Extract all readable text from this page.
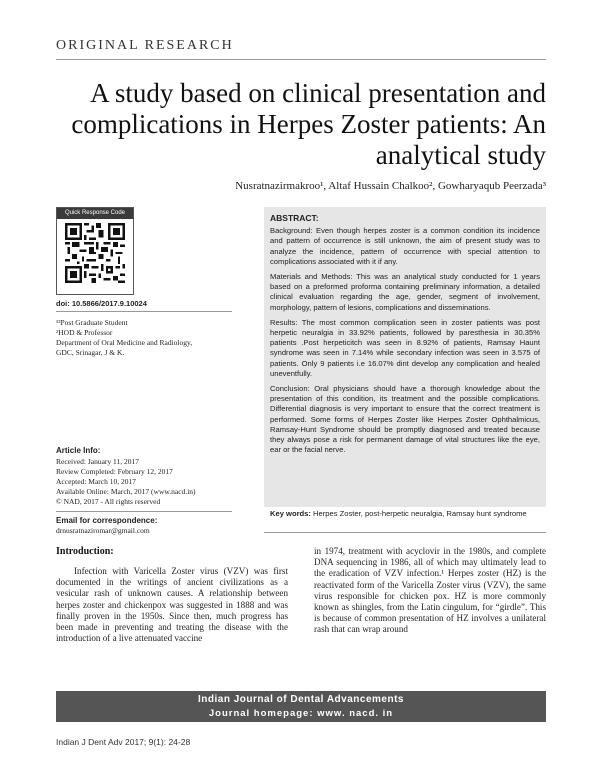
ORIGINAL RESEARCH
A study based on clinical presentation and complications in Herpes Zoster patients: An analytical study
Nusratnazirmakroo¹, Altaf Hussain Chalkoo², Gowharyaqub Peerzada³
Quick Response Code
doi: 10.5866/2017.9.10024
¹³Post Graduate Student
²HOD & Professor
Department of Oral Medicine and Radiology,
GDC, Srinagar, J & K.
Article Info:
Received: January 11, 2017
Review Completed: February 12, 2017
Accepted: March 10, 2017
Available Online: March, 2017 (www.nacd.in)
© NAD, 2017 - All rights reserved
Email for correspondence:
drnusratnaziromar@gmail.com
ABSTRACT:

Background: Even though herpes zoster is a common condition its incidence and pattern of occurrence is still unknown, the aim of present study was to analyze the incidence, pattern of occurrence with special attention to complications associated with it if any.

Materials and Methods: This was an analytical study conducted for 1 years based on a preformed proforma containing preliminary information, a detailed clinical evaluation regarding the age, gender, segment of involvement, morphology, pattern of lesions, complications and disseminations.

Results: The most common complication seen in zoster patients was post herpetic neuralgia in 33.92% patients, followed by paresthesia in 30.35% patients .Post herpeticitch was seen in 8.92% of patients, Ramsay Haunt syndrome was seen in 7.14% while secondary infection was seen in 3.575 of patients. Only 9 patients i.e 16.07% dint develop any complication and healed uneventfully.

Conclusion: Oral physicians should have a thorough knowledge about the presentation of this condition, its treatment and the possible complications. Differential diagnosis is very important to ensure that the correct treatment is performed. Some forms of Herpes Zoster like Herpes Zoster Ophthalmicus, Ramsay-Hunt Syndrome should be promptly diagnosed and treated because they always pose a risk for permanent damage of vital structures like the eye, ear or the facial nerve.

Key words: Herpes Zoster, post-herpetic neuralgia, Ramsay hunt syndrome
Introduction:

Infection with Varicella Zoster virus (VZV) was first documented in the writings of ancient civilizations as a vesicular rash of unknown causes. A relationship between herpes zoster and chickenpox was suggested in 1888 and was finally proven in the 1950s. Since then, much progress has been made in preventing and treating the disease with the introduction of a live attenuated vaccine

in 1974, treatment with acyclovir in the 1980s, and complete DNA sequencing in 1986, all of which may ultimately lead to the eradication of VZV infection.¹ Herpes zoster (HZ) is the reactivated form of the Varicella Zoster virus (VZV), the same virus responsible for chicken pox. HZ is more commonly known as shingles, from the Latin cingulum, for “girdle”. This is because of common presentation of HZ involves a unilateral rash that can wrap around

Indian Journal of Dental Advancements
Journal homepage: www. nacd. in
Indian J Dent Adv 2017; 9(1): 24-28
